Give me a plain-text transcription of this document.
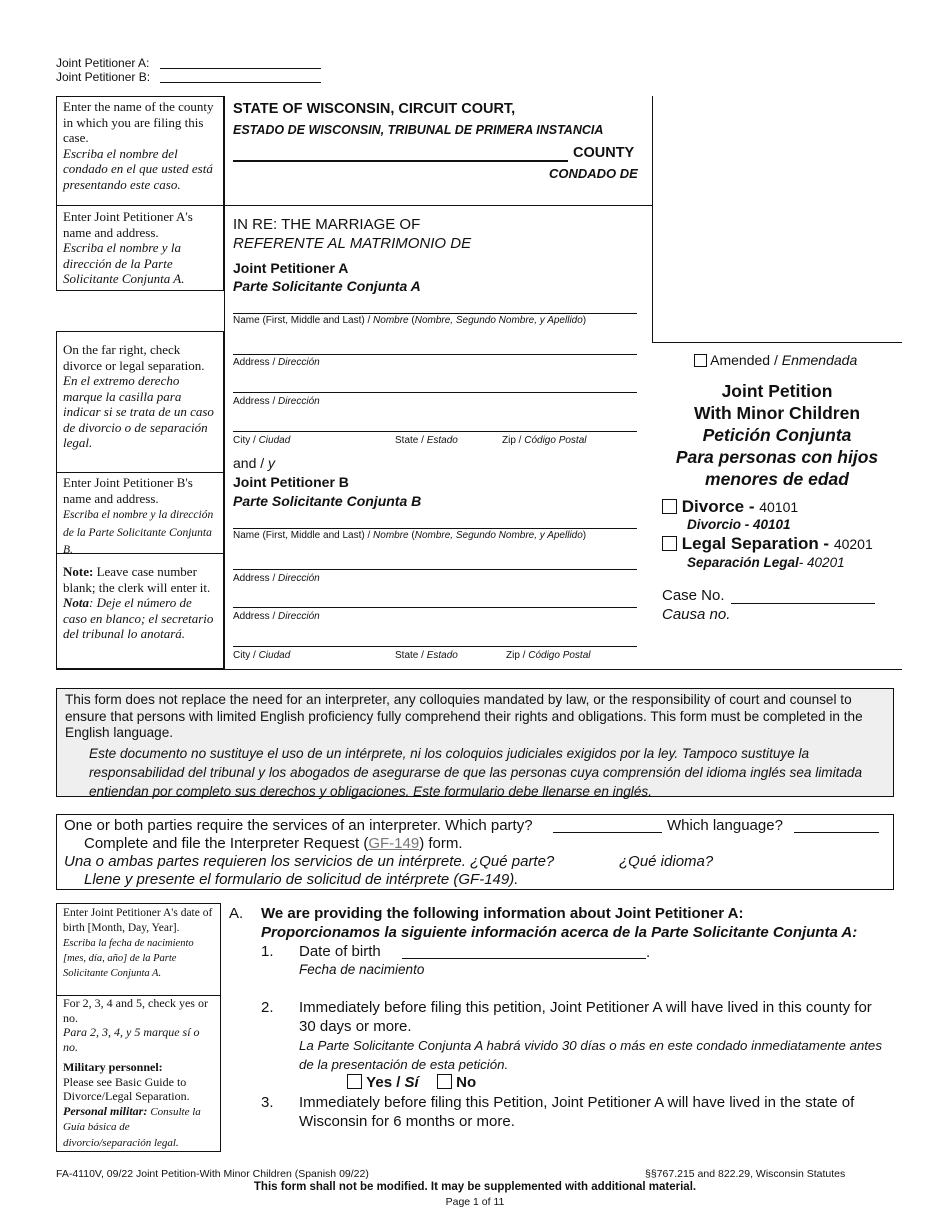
Joint Petitioner A:
Joint Petitioner B:
Enter the name of the county in which you are filing this case.
Escriba el nombre del condado en el que usted está presentando este caso.
Enter Joint Petitioner A's name and address.
Escriba el nombre y la dirección de la Parte Solicitante Conjunta A.
On the far right, check divorce or legal separation.
En el extremo derecho marque la casilla para indicar si se trata de un caso de divorcio o de separación legal.
Enter Joint Petitioner B's name and address.
Escriba el nombre y la dirección de la Parte Solicitante Conjunta B.
Note: Leave case number blank; the clerk will enter it.
Nota: Deje el número de caso en blanco; el secretario del tribunal lo anotará.
STATE OF WISCONSIN, CIRCUIT COURT,
ESTADO DE WISCONSIN, TRIBUNAL DE PRIMERA INSTANCIA
COUNTY
CONDADO DE
IN RE: THE MARRIAGE OF
REFERENTE AL MATRIMONIO DE
Joint Petitioner A
Parte Solicitante Conjunta A
Name (First, Middle and Last) / Nombre (Nombre, Segundo Nombre, y Apellido)
Address / Dirección
Address / Dirección
City / Ciudad	State / Estado	Zip / Código Postal
and / y
Joint Petitioner B
Parte Solicitante Conjunta B
Name (First, Middle and Last) / Nombre (Nombre, Segundo Nombre, y Apellido)
Address / Dirección
Address / Dirección
City / Ciudad	State / Estado	Zip / Código Postal
Amended / Enmendada
Joint Petition
With Minor Children
Petición Conjunta
Para personas con hijos
menores de edad
Divorce - 40101
Divorcio - 40101
Legal Separation - 40201
Separación Legal- 40201
Case No.
Causa no.
This form does not replace the need for an interpreter, any colloquies mandated by law, or the responsibility of court and counsel to ensure that persons with limited English proficiency fully comprehend their rights and obligations. This form must be completed in the English language.
Este documento no sustituye el uso de un intérprete, ni los coloquios judiciales exigidos por la ley. Tampoco sustituye la responsabilidad del tribunal y los abogados de asegurarse de que las personas cuya comprensión del idioma inglés sea limitada entiendan por completo sus derechos y obligaciones. Este formulario debe llenarse en inglés.
One or both parties require the services of an interpreter. Which party?	Which language?
Complete and file the Interpreter Request (GF-149) form.
Una o ambas partes requieren los servicios de un intérprete. ¿Qué parte?	¿Qué idioma?
Llene y presente el formulario de solicitud de intérprete (GF-149).
Enter Joint Petitioner A's date of birth [Month, Day, Year].
Escriba la fecha de nacimiento [mes, día, año] de la Parte Solicitante Conjunta A.
For 2, 3, 4 and 5, check yes or no.
Para 2, 3, 4, y 5 marque sí o no.
Military personnel:
Please see Basic Guide to Divorce/Legal Separation.
Personal militar: Consulte la Guía básica de divorcio/separación legal.
A. We are providing the following information about Joint Petitioner A:
Proporcionamos la siguiente información acerca de la Parte Solicitante Conjunta A:
1. Date of birth	.
Fecha de nacimiento
2. Immediately before filing this petition, Joint Petitioner A will have lived in this county for 30 days or more.
La Parte Solicitante Conjunta A habrá vivido 30 días o más en este condado inmediatamente antes de la presentación de esta petición.
Yes / Sí	No
3. Immediately before filing this Petition, Joint Petitioner A will have lived in the state of Wisconsin for 6 months or more.
FA-4110V, 09/22 Joint Petition-With Minor Children (Spanish 09/22)	§§767.215 and 822.29, Wisconsin Statutes
This form shall not be modified. It may be supplemented with additional material.
Page 1 of 11
